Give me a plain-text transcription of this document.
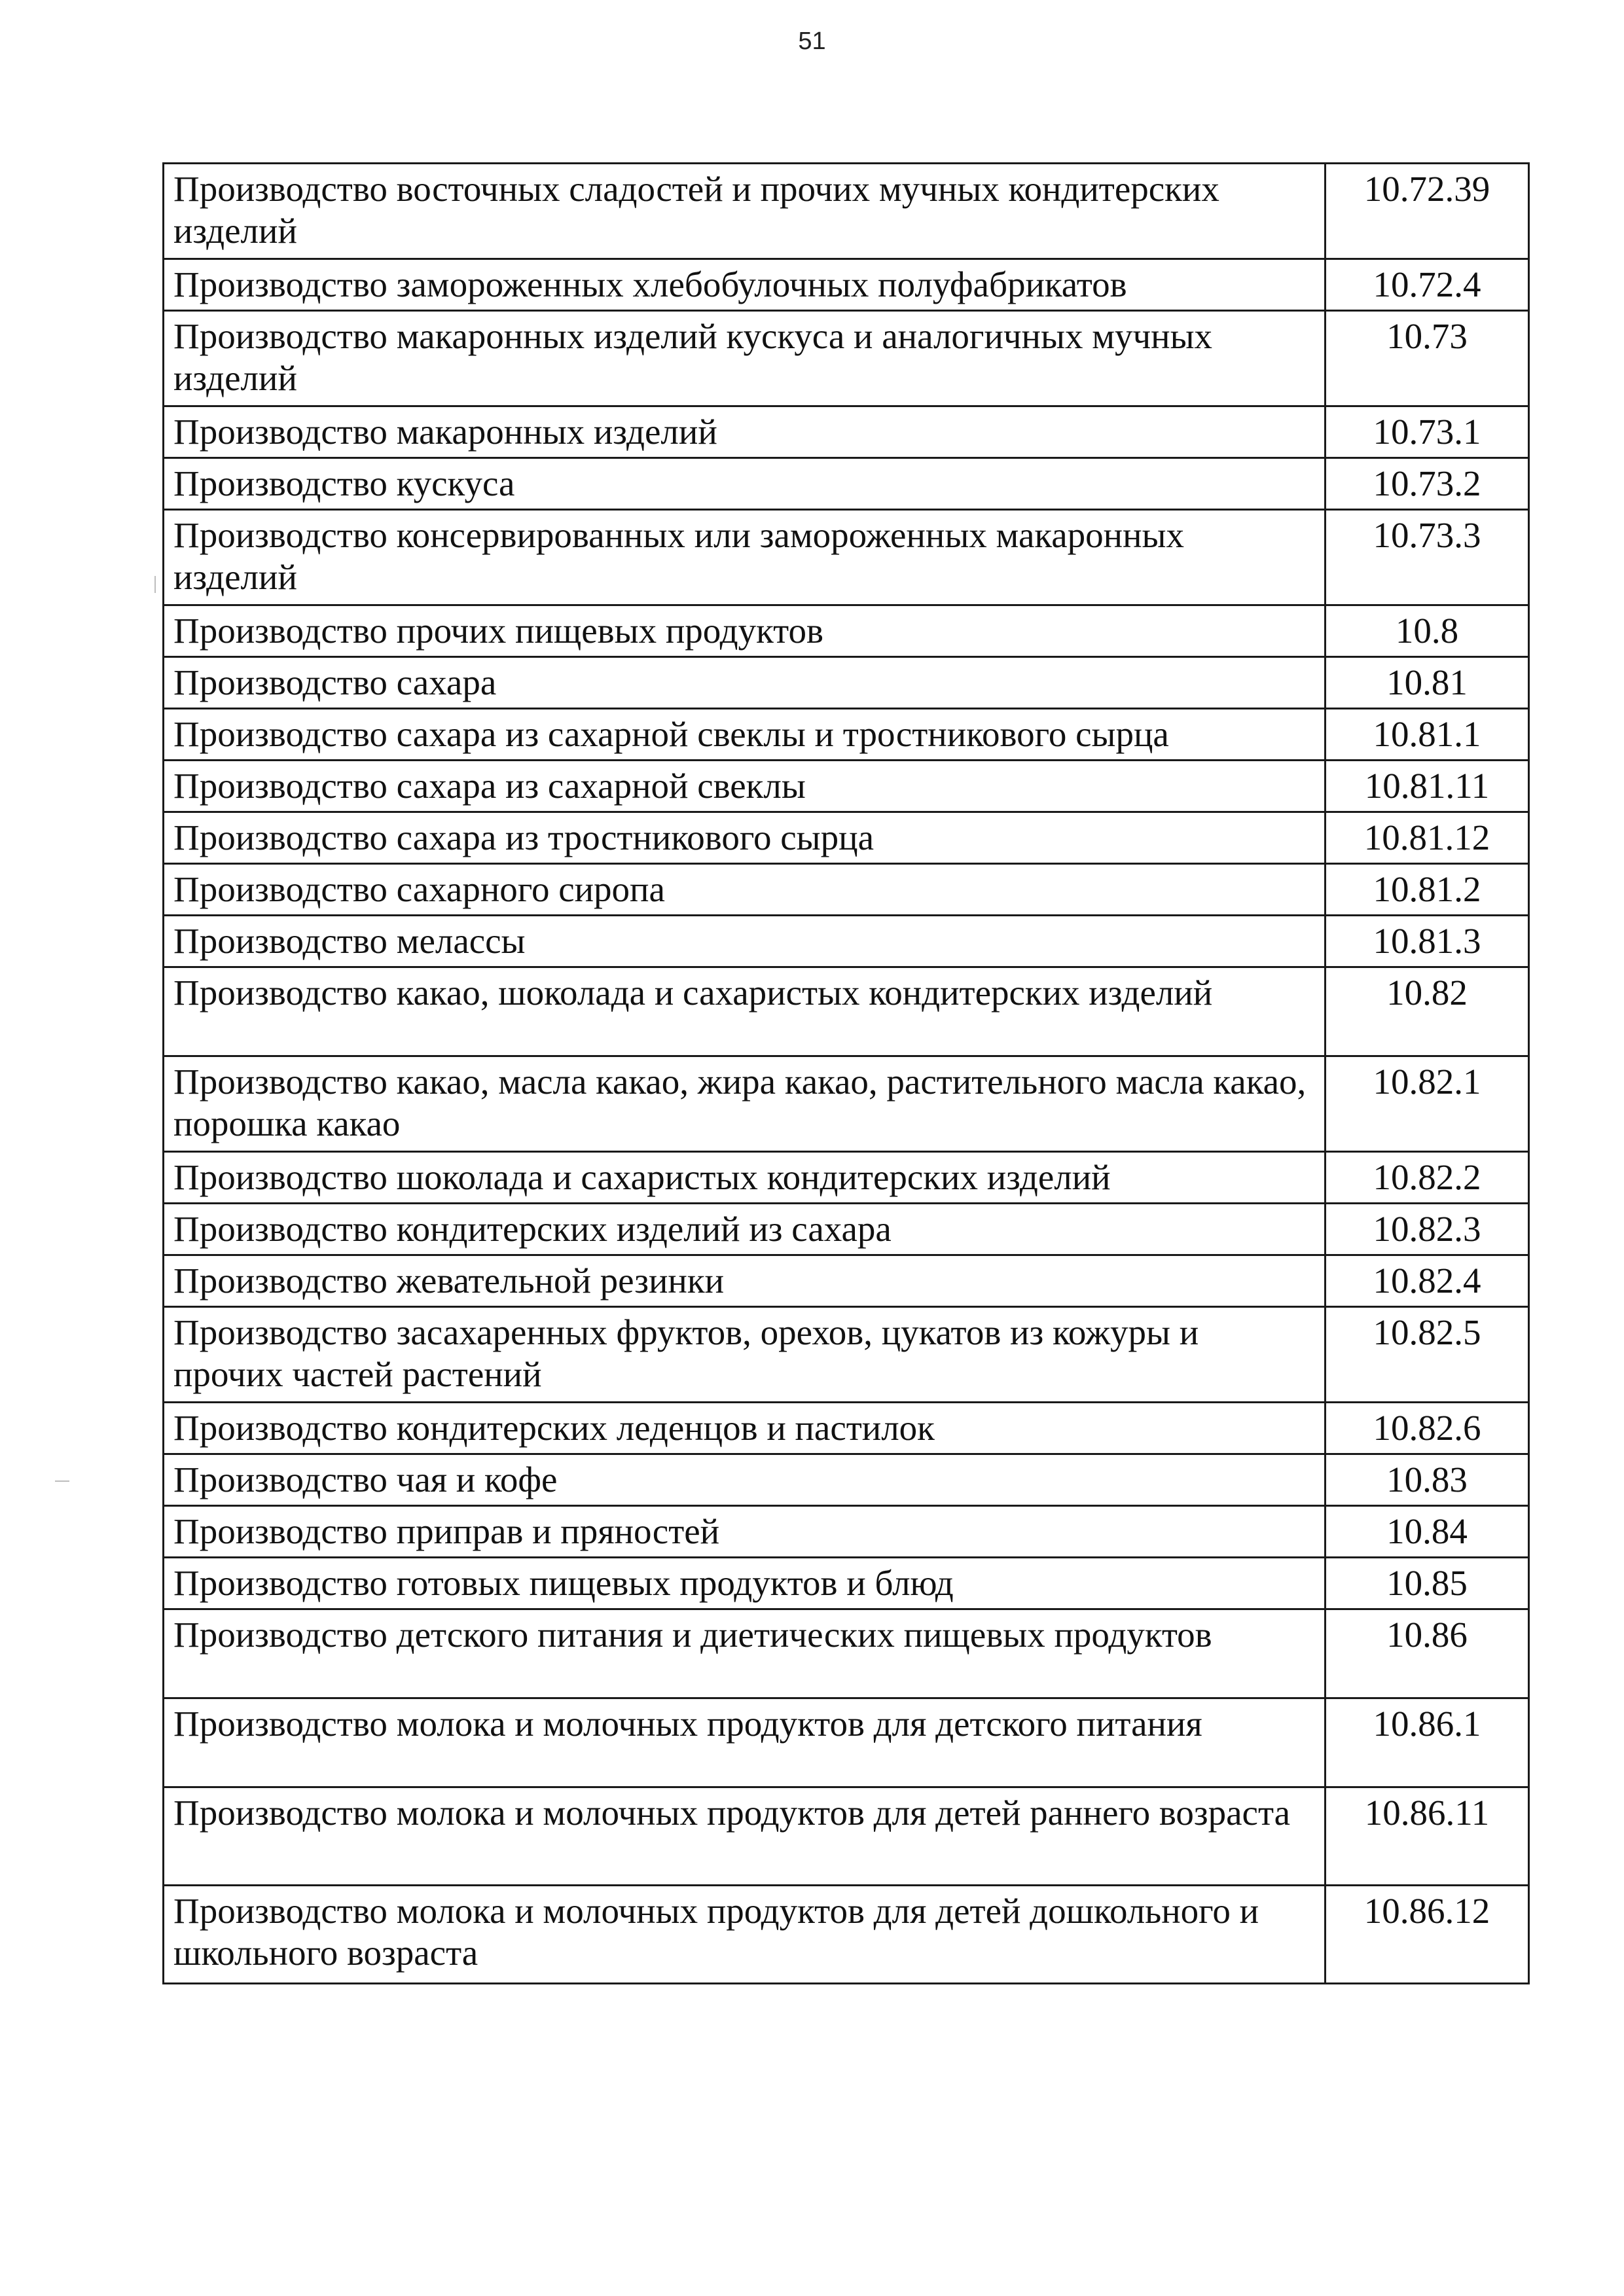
51
Производство восточных сладостей и прочих мучных кондитерских изделий	10.72.39
Производство замороженных хлебобулочных полуфабрикатов	10.72.4
Производство макаронных изделий кускуса и аналогичных мучных изделий	10.73
Производство макаронных изделий	10.73.1
Производство кускуса	10.73.2
Производство консервированных или замороженных макаронных изделий	10.73.3
Производство прочих пищевых продуктов	10.8
Производство сахара	10.81
Производство сахара из сахарной свеклы и тростникового сырца	10.81.1
Производство сахара из сахарной свеклы	10.81.11
Производство сахара из тростникового сырца	10.81.12
Производство сахарного сиропа	10.81.2
Производство мелассы	10.81.3
Производство какао, шоколада и сахаристых кондитерских изделий	10.82
Производство какао, масла какао, жира какао, растительного масла какао, порошка какао	10.82.1
Производство шоколада и сахаристых кондитерских изделий	10.82.2
Производство кондитерских изделий из сахара	10.82.3
Производство жевательной резинки	10.82.4
Производство засахаренных фруктов, орехов, цукатов из кожуры и прочих частей растений	10.82.5
Производство кондитерских леденцов и пастилок	10.82.6
Производство чая и кофе	10.83
Производство приправ и пряностей	10.84
Производство готовых пищевых продуктов и блюд	10.85
Производство детского питания и диетических пищевых продуктов	10.86
Производство молока и молочных продуктов для детского питания	10.86.1
Производство молока и молочных продуктов для детей раннего возраста	10.86.11
Производство молока и молочных продуктов для детей дошкольного и школьного возраста	10.86.12
